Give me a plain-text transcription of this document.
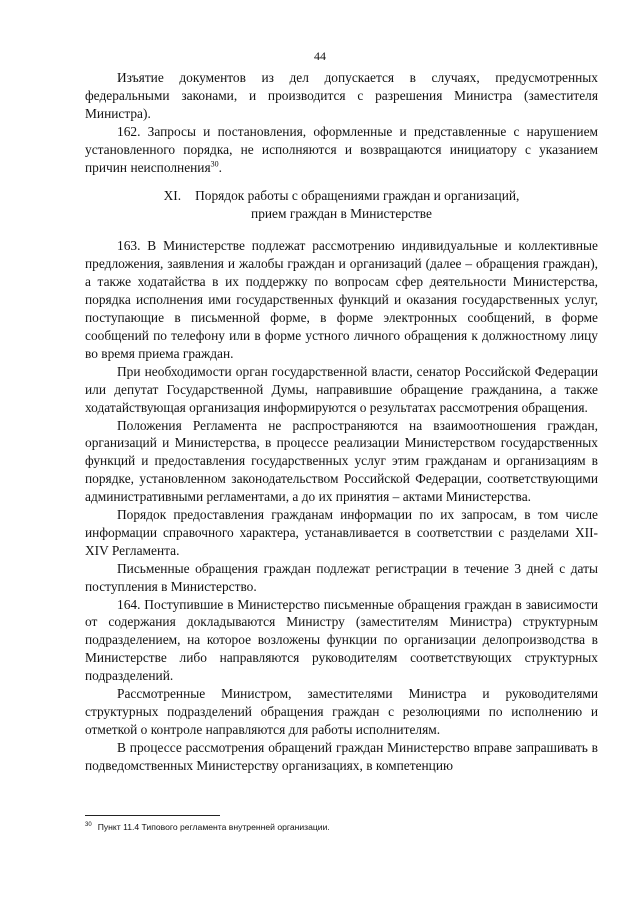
44

Изъятие документов из дел допускается в случаях, предусмотренных федеральными законами, и производится с разрешения Министра (заместителя Министра).

162. Запросы и постановления, оформленные и представленные с нарушением установленного порядка, не исполняются и возвращаются инициатору с указанием причин неисполнения$^{30}$.

XI. Порядок работы с обращениями граждан и организаций,
прием граждан в Министерстве

163. В Министерстве подлежат рассмотрению индивидуальные и коллективные предложения, заявления и жалобы граждан и организаций (далее – обращения граждан), а также ходатайства в их поддержку по вопросам сфер деятельности Министерства, порядка исполнения ими государственных функций и оказания государственных услуг, поступающие в письменной форме, в форме электронных сообщений, в форме сообщений по телефону или в форме устного личного обращения к должностному лицу во время приема граждан.

При необходимости орган государственной власти, сенатор Российской Федерации или депутат Государственной Думы, направившие обращение гражданина, а также ходатайствующая организация информируются о результатах рассмотрения обращения.

Положения Регламента не распространяются на взаимоотношения граждан, организаций и Министерства, в процессе реализации Министерством государственных функций и предоставления государственных услуг этим гражданам и организациям в порядке, установленном законодательством Российской Федерации, соответствующими административными регламентами, а до их принятия – актами Министерства.

Порядок предоставления гражданам информации по их запросам, в том числе информации справочного характера, устанавливается в соответствии с разделами XII-XIV Регламента.

Письменные обращения граждан подлежат регистрации в течение 3 дней с даты поступления в Министерство.

164. Поступившие в Министерство письменные обращения граждан в зависимости от содержания докладываются Министру (заместителям Министра) структурным подразделением, на которое возложены функции по организации делопроизводства в Министерстве либо направляются руководителям соответствующих структурных подразделений.

Рассмотренные Министром, заместителями Министра и руководителями структурных подразделений обращения граждан с резолюциями по исполнению и отметкой о контроле направляются для работы исполнителям.

В процессе рассмотрения обращений граждан Министерство вправе запрашивать в подведомственных Министерству организациях, в компетенцию

$^{30}$ Пункт 11.4 Типового регламента внутренней организации.
